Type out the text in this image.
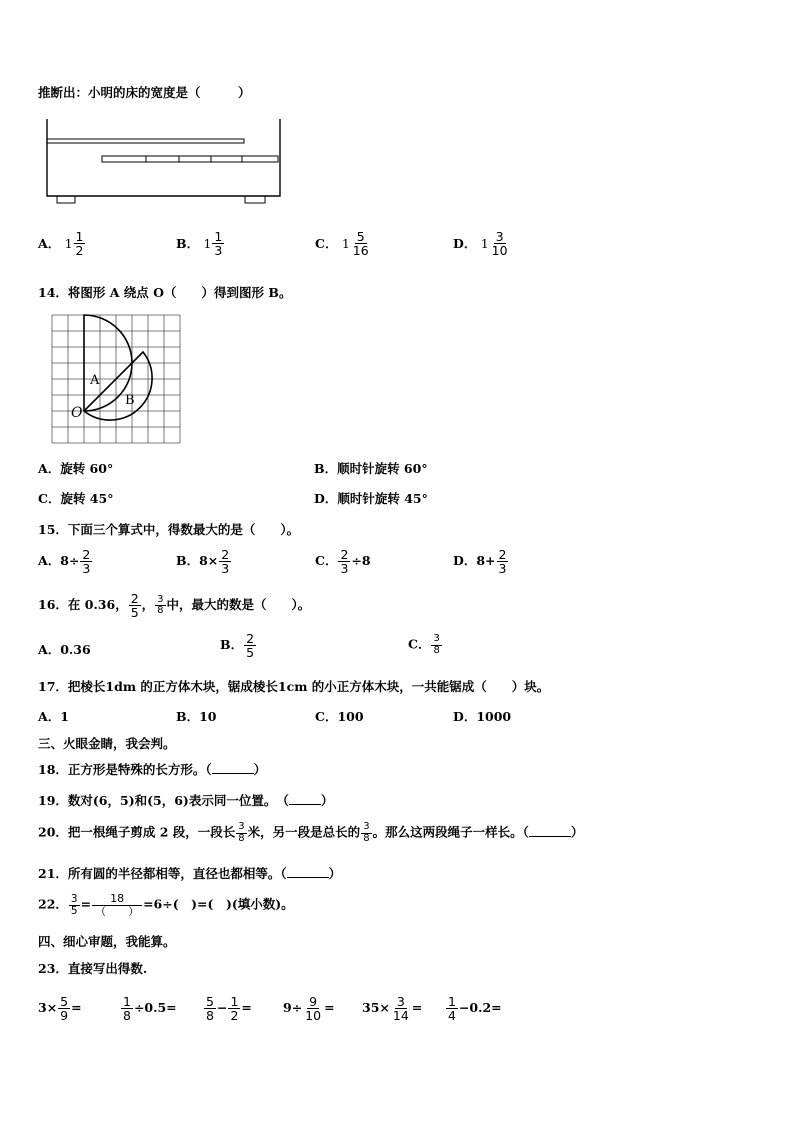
推断出：小明的床的宽度是（　　　）
A． $1 \frac{1}{2}$	B． $1 \frac{1}{3}$	C． $1 \frac{5}{16}$	D． $1 \frac{3}{10}$
14．将图形 A 绕点 O（　　）得到图形 B。
A
B
O
A．旋转 60°	B．顺时针旋转 60°
C．旋转 45°	D．顺时针旋转 45°
15．下面三个算式中，得数最大的是（　　）。
A．$8\div \frac{2}{3}$	B．$8\times \frac{2}{3}$	C． $\frac{2}{3} \div 8$	D．$8+ \frac{2}{3}$
16．在 0.36， $\frac{2}{5}$ ， $\frac{3}{8}$ 中，最大的数是（　　）。
A．0.36	B． $\frac{2}{5}$	C． $\frac{3}{8}$
17．把棱长1dm 的正方体木块，锯成棱长1cm 的小正方体木块，一共能锯成（　　）块。
A．1	B．10	C．100	D．1000
三、火眼金睛，我会判。
18．正方形是特殊的长方形。（	）
19．数对(6，5)和(5，6)表示同一位置。　（	）
20．把一根绳子剪成 2 段，一段长 $\frac{3}{8}$ 米，另一段是总长的 $\frac{3}{8}$ 。那么这两段绳子一样长。（	）
21．所有圆的半径都相等，直径也都相等。（	）
22． $\frac{3}{5} = \frac{18}{( )} =6\div$(　)=(　)(填小数)。
四、细心审题，我能算。
23．直接写出得数.
$3\times \frac{5}{9}$ =	$\frac{1}{8} \div 0.5= \frac{5}{8} - \frac{1}{2} = 9\div \frac{9}{10} = 35\times \frac{3}{14} = \frac{1}{4} -0.2=$
